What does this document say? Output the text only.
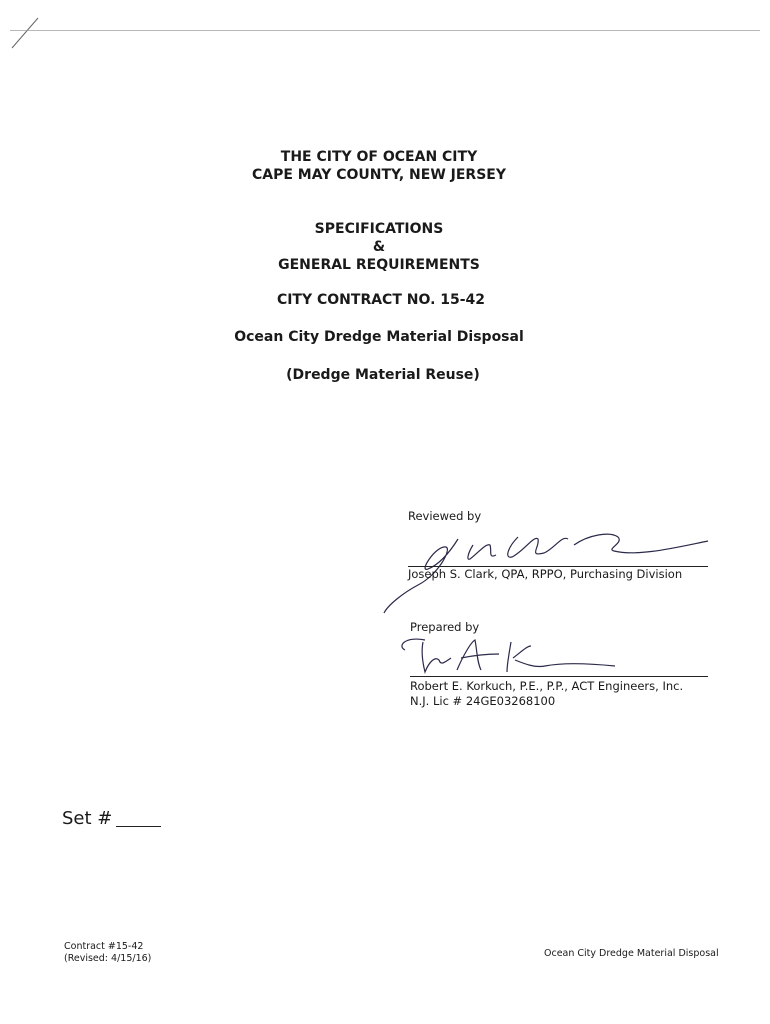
THE CITY OF OCEAN CITY
CAPE MAY COUNTY, NEW JERSEY
SPECIFICATIONS
&
GENERAL REQUIREMENTS
CITY CONTRACT NO. 15-42
Ocean City Dredge Material Disposal
(Dredge Material Reuse)
Reviewed by
Joseph S. Clark, QPA, RPPO, Purchasing Division
Prepared by
Robert E. Korkuch, P.E., P.P., ACT Engineers, Inc.
N.J. Lic # 24GE03268100
Set #
Contract #15-42
(Revised: 4/15/16)	Ocean City Dredge Material Disposal
